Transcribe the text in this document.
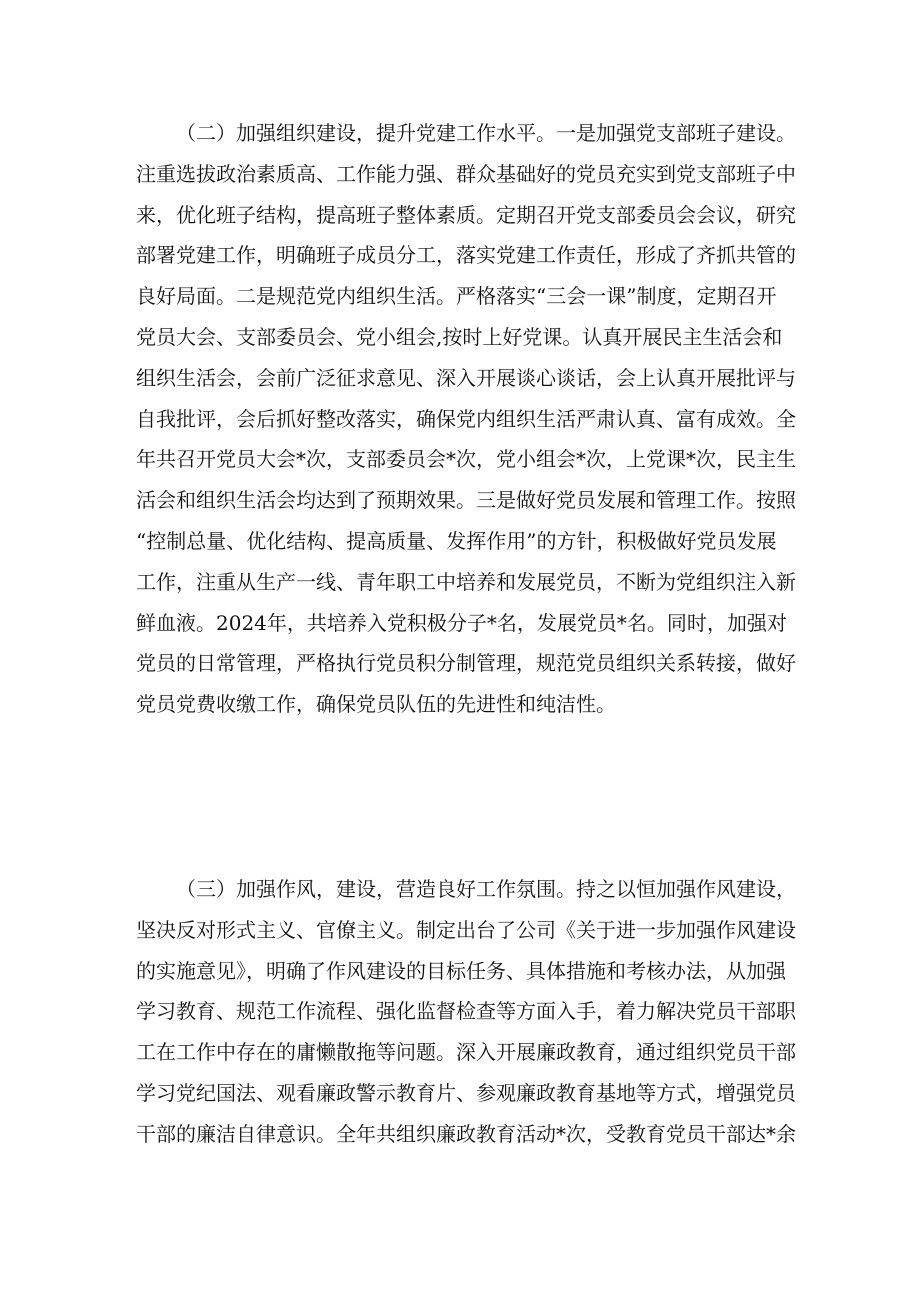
（二）加强组织建设，提升党建工作水平。一是加强党支部班子建设。
注重选拔政治素质高、工作能力强、群众基础好的党员充实到党支部班子中
来，优化班子结构，提高班子整体素质。定期召开党支部委员会会议，研究
部署党建工作，明确班子成员分工，落实党建工作责任，形成了齐抓共管的
良好局面。二是规范党内组织生活。严格落实“三会一课”制度，定期召开
党员大会、支部委员会、党小组会,按时上好党课。认真开展民主生活会和
组织生活会，会前广泛征求意见、深入开展谈心谈话，会上认真开展批评与
自我批评，会后抓好整改落实，确保党内组织生活严肃认真、富有成效。全
年共召开党员大会*次，支部委员会*次，党小组会*次，上党课*次，民主生
活会和组织生活会均达到了预期效果。三是做好党员发展和管理工作。按照
“控制总量、优化结构、提高质量、发挥作用”的方针，积极做好党员发展
工作，注重从生产一线、青年职工中培养和发展党员，不断为党组织注入新
鲜血液。2024年，共培养入党积极分子*名，发展党员*名。同时，加强对
党员的日常管理，严格执行党员积分制管理，规范党员组织关系转接，做好
党员党费收缴工作，确保党员队伍的先进性和纯洁性。
（三）加强作风，建设，营造良好工作氛围。持之以恒加强作风建设，
坚决反对形式主义、官僚主义。制定出台了公司《关于进一步加强作风建设
的实施意见》，明确了作风建设的目标任务、具体措施和考核办法，从加强
学习教育、规范工作流程、强化监督检查等方面入手，着力解决党员干部职
工在工作中存在的庸懒散拖等问题。深入开展廉政教育，通过组织党员干部
学习党纪国法、观看廉政警示教育片、参观廉政教育基地等方式，增强党员
干部的廉洁自律意识。全年共组织廉政教育活动*次，受教育党员干部达*余
